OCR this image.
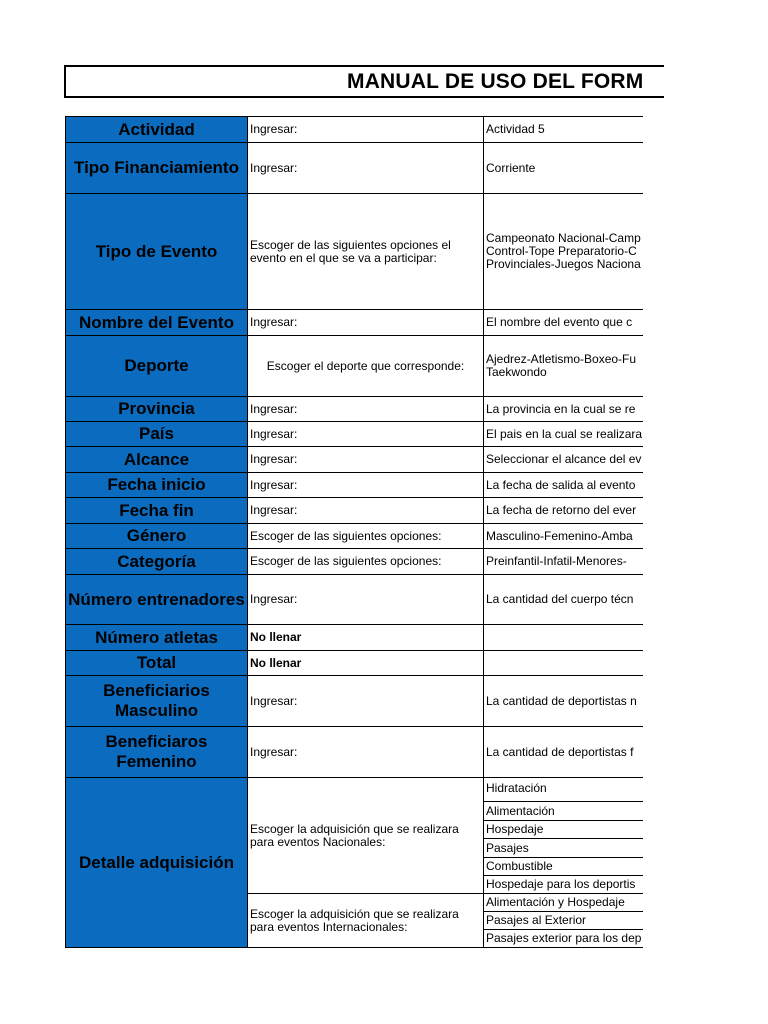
MANUAL DE USO DEL FORM
Actividad	Ingresar:	Actividad 5
Tipo Financiamiento	Ingresar:	Corriente
Tipo de Evento	Escoger de las siguientes opciones el evento en el que se va a participar:	Campeonato Nacional-Camp
Control-Tope Preparatorio-C
Provinciales-Juegos Naciona

Nombre del Evento	Ingresar:	El nombre del evento que c
Deporte	Escoger el deporte que corresponde:	Ajedrez-Atletismo-Boxeo-Fu
Taekwondo

Provincia	Ingresar:	La provincia en la cual se re
País	Ingresar:	El pais en la cual se realizara
Alcance	Ingresar:	Seleccionar el alcance del ev
Fecha inicio	Ingresar:	La fecha de salida al evento
Fecha fin	Ingresar:	La fecha de retorno del ever
Género	Escoger de las siguientes opciones:	Masculino-Femenino-Amba
Categoría	Escoger de las siguientes opciones:	Preinfantil-Infatil-Menores-
Número entrenadores	Ingresar:	La cantidad del cuerpo técn
Número atletas	No llenar	
Total	No llenar	
Beneficiarios Masculino	Ingresar:	La cantidad de deportistas n
Beneficiaros Femenino	Ingresar:	La cantidad de deportistas f
Detalle adquisición	Escoger la adquisición que se realizara para eventos Nacionales:	Hidratación
		Alimentación
		Hospedaje
		Pasajes
		Combustible
		Hospedaje para los deportis
	Escoger la adquisición que se realizara para eventos Internacionales:	Alimentación y Hospedaje
		Pasajes al Exterior
		Pasajes exterior para los dep
